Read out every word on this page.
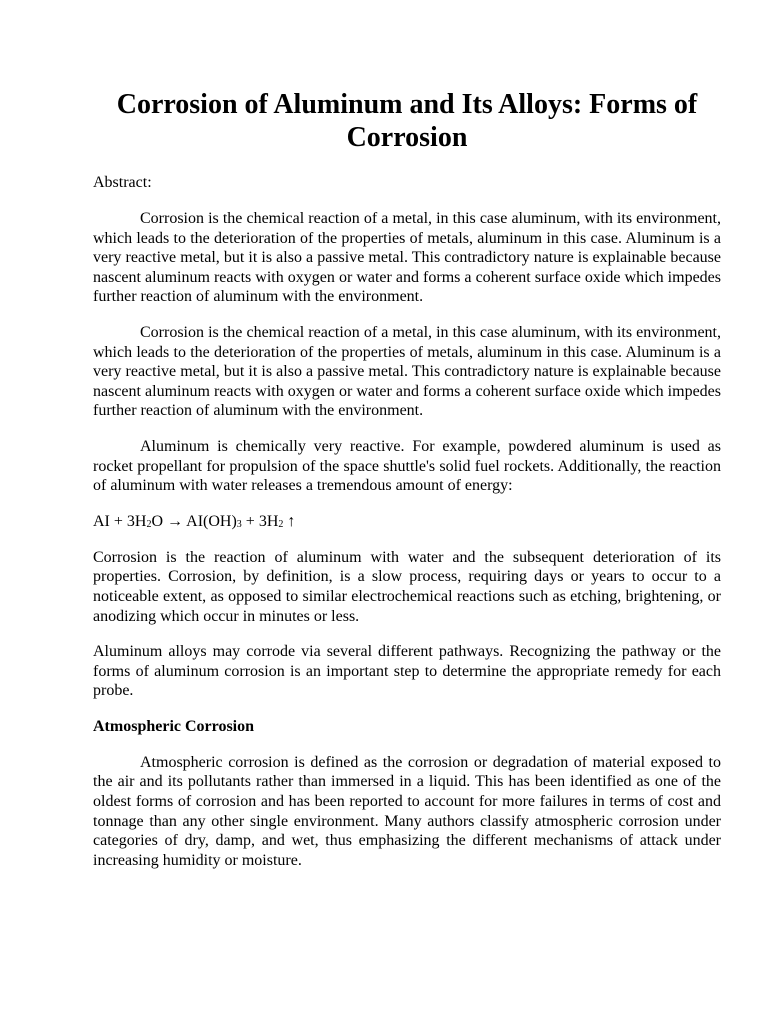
Corrosion of Aluminum and Its Alloys: Forms of Corrosion
Abstract:

Corrosion is the chemical reaction of a metal, in this case aluminum, with its environment, which leads to the deterioration of the properties of metals, aluminum in this case. Aluminum is a very reactive metal, but it is also a passive metal. This contradictory nature is explainable because nascent aluminum reacts with oxygen or water and forms a coherent surface oxide which impedes further reaction of aluminum with the environment.

Corrosion is the chemical reaction of a metal, in this case aluminum, with its environment, which leads to the deterioration of the properties of metals, aluminum in this case. Aluminum is a very reactive metal, but it is also a passive metal. This contradictory nature is explainable because nascent aluminum reacts with oxygen or water and forms a coherent surface oxide which impedes further reaction of aluminum with the environment.

Aluminum is chemically very reactive. For example, powdered aluminum is used as rocket propellant for propulsion of the space shuttle's solid fuel rockets. Additionally, the reaction of aluminum with water releases a tremendous amount of energy:

AI + $3H_2O \to AI(OH)_3 + 3H_2$ ↑

Corrosion is the reaction of aluminum with water and the subsequent deterioration of its properties. Corrosion, by definition, is a slow process, requiring days or years to occur to a noticeable extent, as opposed to similar electrochemical reactions such as etching, brightening, or anodizing which occur in minutes or less.

Aluminum alloys may corrode via several different pathways. Recognizing the pathway or the forms of aluminum corrosion is an important step to determine the appropriate remedy for each probe.

Atmospheric Corrosion

Atmospheric corrosion is defined as the corrosion or degradation of material exposed to the air and its pollutants rather than immersed in a liquid. This has been identified as one of the oldest forms of corrosion and has been reported to account for more failures in terms of cost and tonnage than any other single environment. Many authors classify atmospheric corrosion under categories of dry, damp, and wet, thus emphasizing the different mechanisms of attack under increasing humidity or moisture.
